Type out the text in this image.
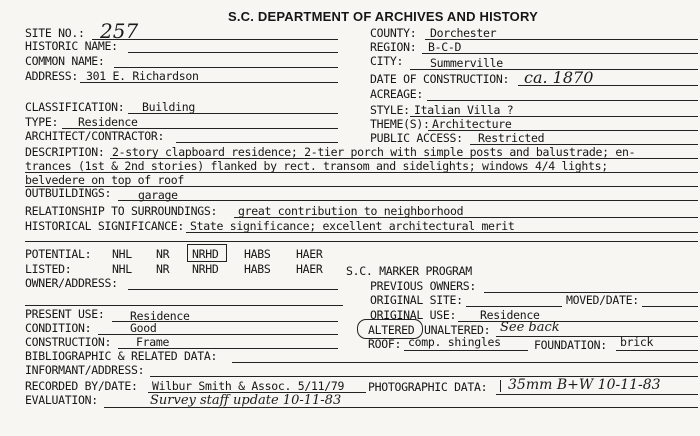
S.C. DEPARTMENT OF ARCHIVES AND HISTORY
SITE NO.: 257	COUNTY: Dorchester
HISTORIC NAME:	REGION: B-C-D
COMMON NAME:	CITY: Summerville
ADDRESS: 301 E. Richardson	DATE OF CONSTRUCTION: ca. 1870
ACREAGE:
CLASSIFICATION: Building	STYLE: Italian Villa ?
TYPE: Residence	THEME(S): Architecture
ARCHITECT/CONTRACTOR:	PUBLIC ACCESS: Restricted
DESCRIPTION: 2-story clapboard residence; 2-tier porch with simple posts and balustrade; en-
trances (1st & 2nd stories) flanked by rect. transom and sidelights; windows 4/4 lights;
belvedere on top of roof
OUTBUILDINGS: garage
RELATIONSHIP TO SURROUNDINGS: great contribution to neighborhood
HISTORICAL SIGNIFICANCE: State significance; excellent architectural merit
POTENTIAL: NHL NR NRHD HABS HAER
LISTED:	NHL NR NRHD HABS HAER S.C. MARKER PROGRAM
OWNER/ADDRESS:	PREVIOUS OWNERS:
ORIGINAL SITE:	MOVED/DATE:
PRESENT USE: Residence	ORIGINAL USE: Residence
CONDITION:	Good	ALTERED UNALTERED: See back
CONSTRUCTION: Frame	ROOF: comp. shingles	FOUNDATION: brick
BIBLIOGRAPHIC & RELATED DATA:
INFORMANT/ADDRESS:
RECORDED BY/DATE: Wilbur Smith & Assoc. 5/11/79 PHOTOGRAPHIC DATA: 35mm B+W 10-11-83
EVALUATION:	Survey staff update 10-11-83
